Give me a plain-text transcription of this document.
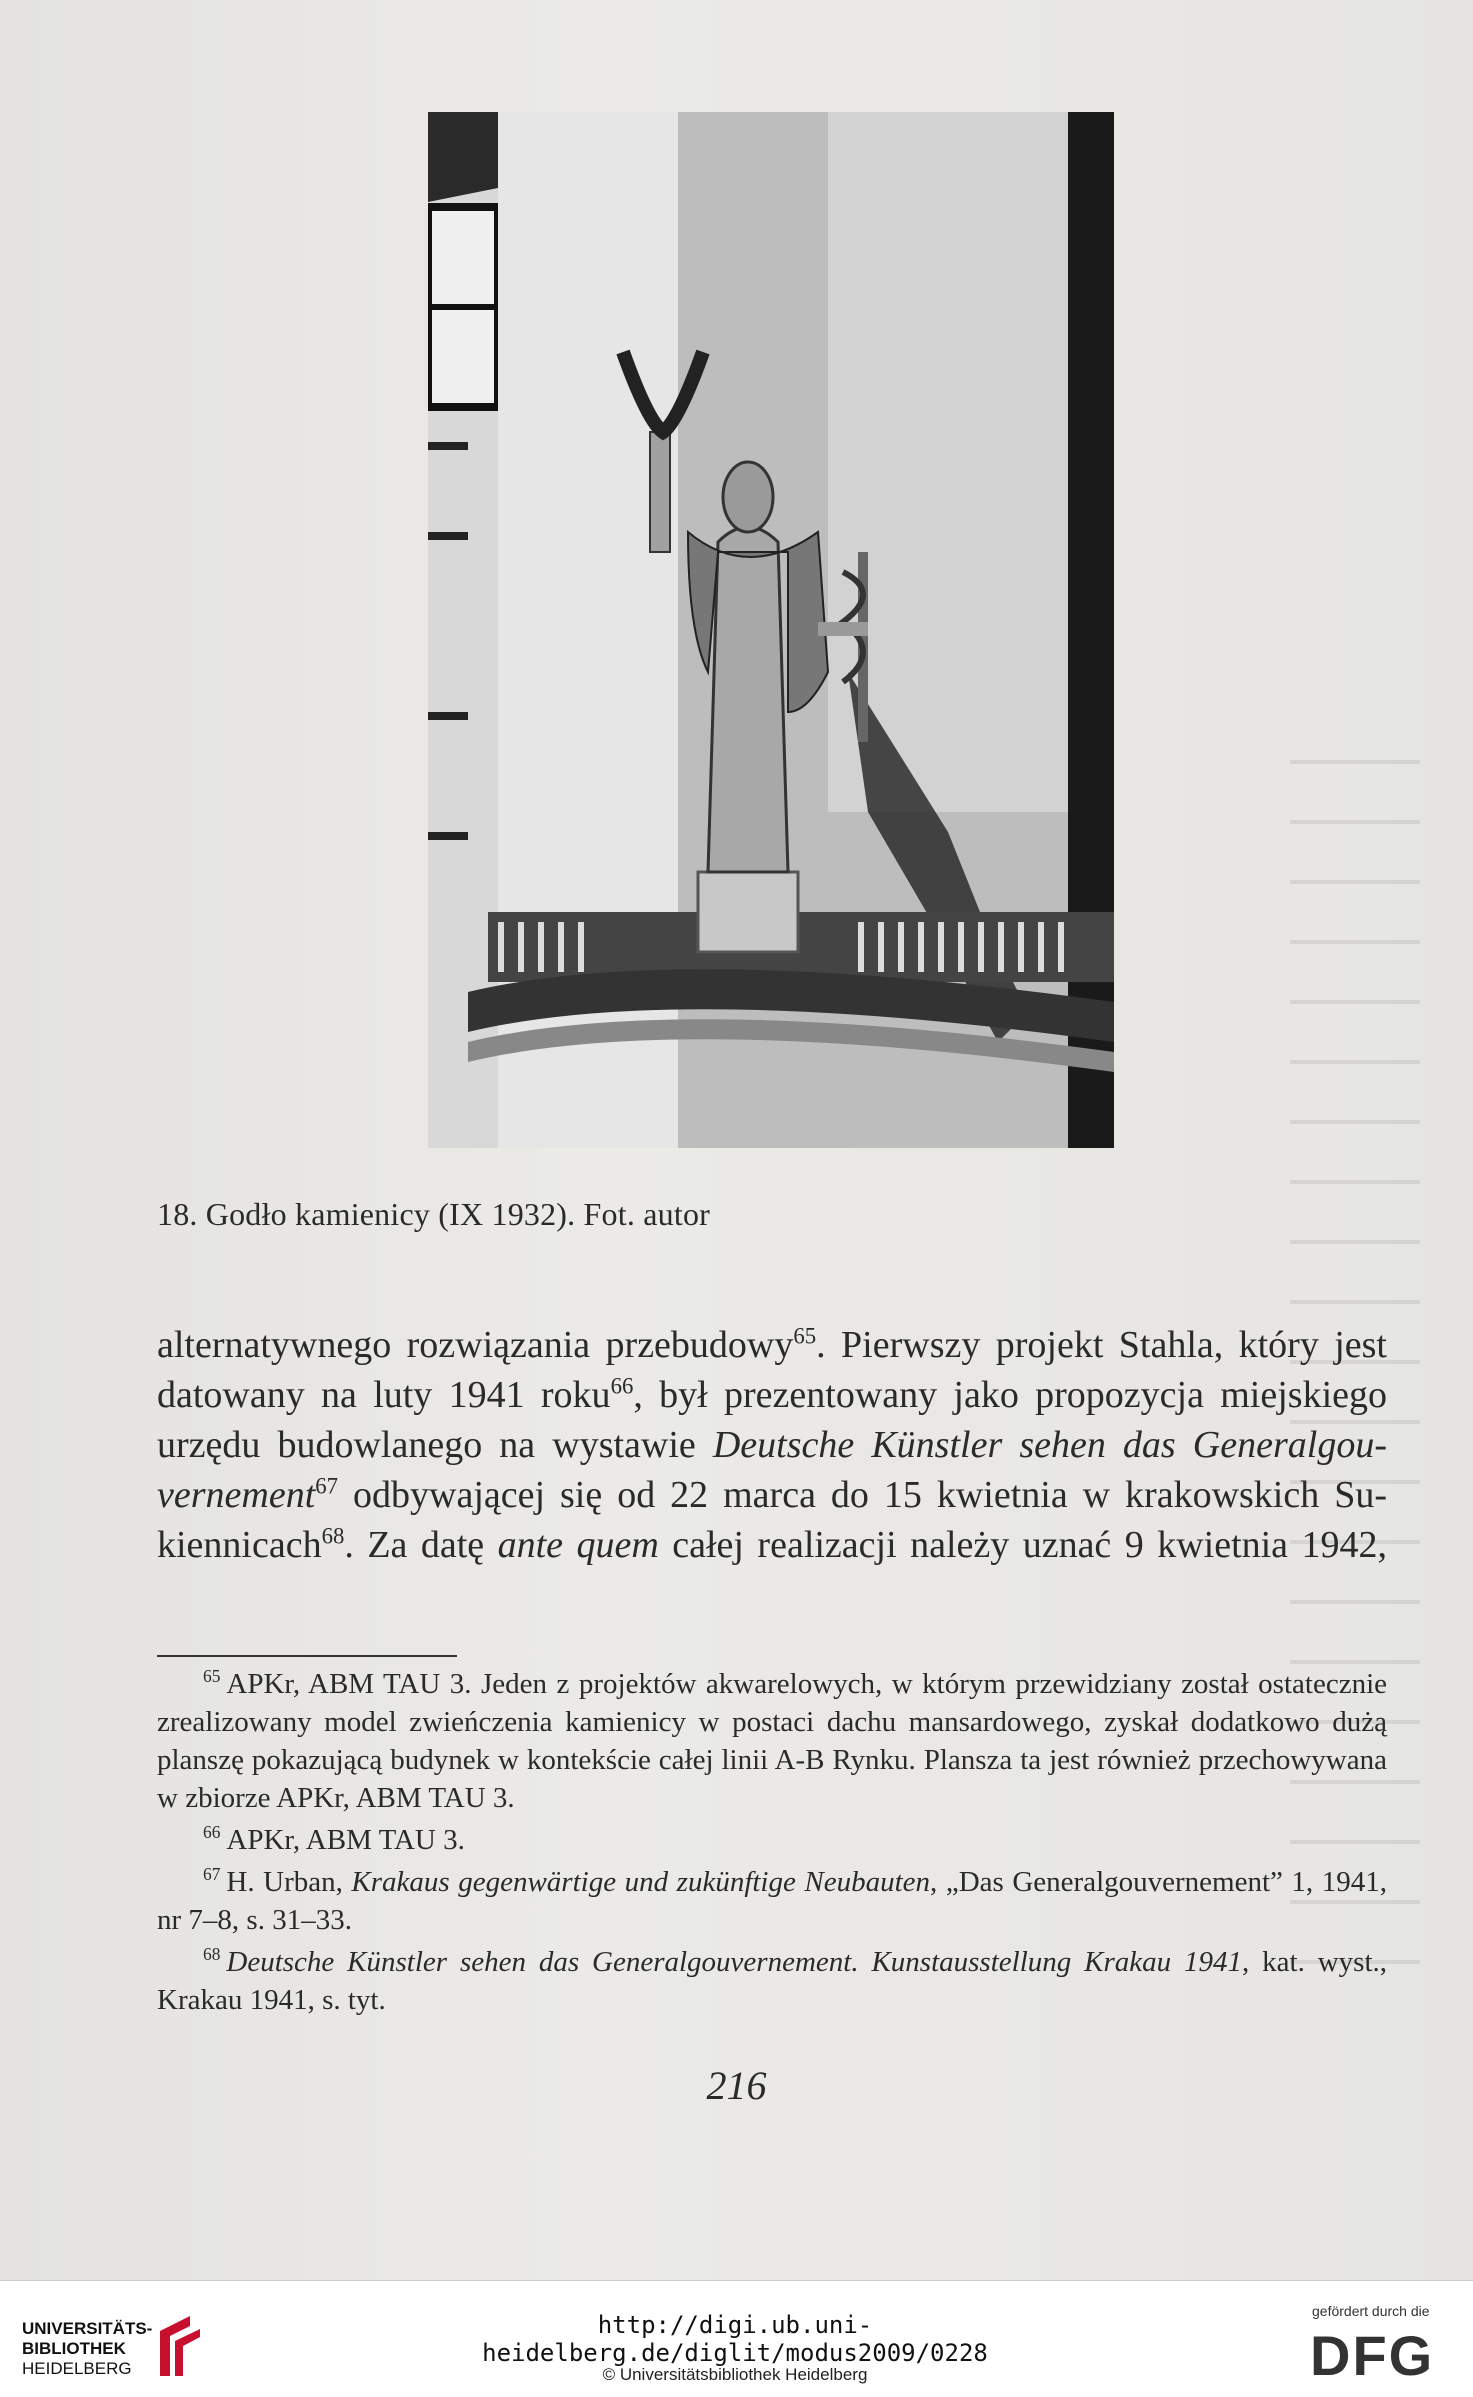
18. Godło kamienicy (IX 1932). Fot. autor
alternatywnego rozwiązania przebudowy$^{65}$. Pierwszy projekt Stahla, który jest
datowany na luty 1941 roku$^{66}$, był prezentowany jako propozycja miejskiego
urzędu budowlanego na wystawie Deutsche Künstler sehen das Generalgou-
vernement$^{67}$ odbywającej się od 22 marca do 15 kwietnia w krakowskich Su-
kiennicach$^{68}$. Za datę ante quem całej realizacji należy uznać 9 kwietnia 1942,
$^{65}$ APKr, ABM TAU 3. Jeden z projektów akwarelowych, w którym przewidziany został ostatecznie zrealizowany model zwieńczenia kamienicy w postaci dachu mansardowego, zyskał dodatkowo dużą planszę pokazującą budynek w kontekście całej linii A-B Rynku. Plansza ta jest również przechowywana w zbiorze APKr, ABM TAU 3.
$^{66}$ APKr, ABM TAU 3.
$^{67}$ H. Urban, Krakaus gegenwärtige und zukünftige Neubauten, „Das Generalgouvernement” 1, 1941, nr 7–8, s. 31–33.
$^{68}$ Deutsche Künstler sehen das Generalgouvernement. Kunstausstellung Krakau 1941, kat. wyst., Krakau 1941, s. tyt.
216
UNIVERSITÄTS-
BIBLIOTHEK
HEIDELBERG
http://digi.ub.uni-heidelberg.de/diglit/modus2009/0228
© Universitätsbibliothek Heidelberg
gefördert durch die
DFG
